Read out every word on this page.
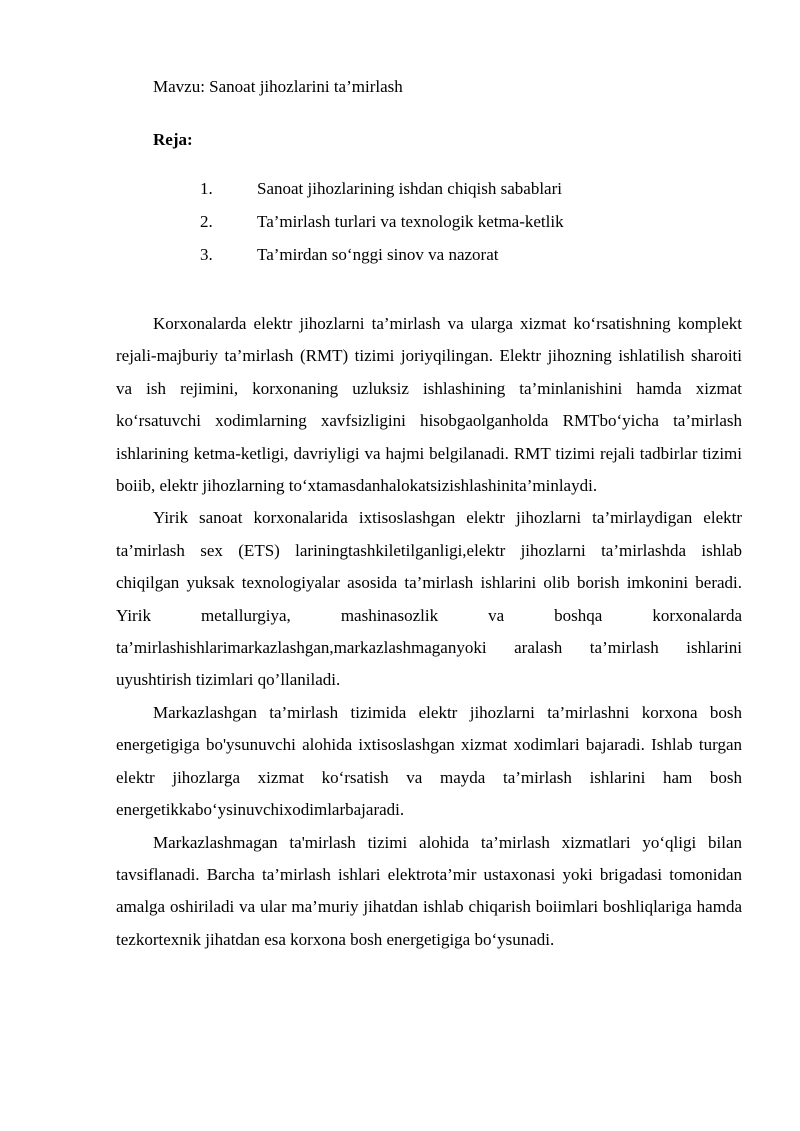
Mavzu: Sanoat jihozlarini ta’mirlash
Reja:
1.	Sanoat jihozlarining ishdan chiqish sabablari
2.	Ta’mirlash turlari va texnologik ketma-ketlik
3.	Ta’mirdan so‘nggi sinov va nazorat

Korxonalarda elektr jihozlarni ta’mirlash va ularga xizmat ko‘rsatishning komplekt rejali-majburiy ta’mirlash (RMT) tizimi joriyqilingan. Elektr jihozning ishlatilish sharoiti va ish rejimini, korxonaning uzluksiz ishlashining ta’minlanishini hamda xizmat ko‘rsatuvchi xodimlarning xavfsizligini hisobgaolganholda RMTbo‘yicha ta’mirlash ishlarining ketma-ketligi, davriyligi va hajmi belgilanadi. RMT tizimi rejali tadbirlar tizimi boiib, elektr jihozlarning to‘xtamasdanhalokatsizishlashinita’minlaydi.

Yirik sanoat korxonalarida ixtisoslashgan elektr jihozlarni ta’mirlaydigan elektr ta’mirlash sex (ETS) lariningtashkiletilganligi,elektr jihozlarni ta’mirlashda ishlab chiqilgan yuksak texnologiyalar asosida ta’mirlash ishlarini olib borish imkonini beradi. Yirik metallurgiya, mashinasozlik va boshqa korxonalarda ta’mirlashishlarimarkazlashgan,markazlashmaganyoki aralash ta’mirlash ishlarini uyushtirish tizimlari qo’llaniladi.

Markazlashgan ta’mirlash tizimida elektr jihozlarni ta’mirlashni korxona bosh energetigiga bo'ysunuvchi alohida ixtisoslashgan xizmat xodimlari bajaradi. Ishlab turgan elektr jihozlarga xizmat ko‘rsatish va mayda ta’mirlash ishlarini ham bosh energetikkabo‘ysinuvchixodimlarbajaradi.

Markazlashmagan ta'mirlash tizimi alohida ta’mirlash xizmatlari yo‘qligi bilan tavsiflanadi. Barcha ta’mirlash ishlari elektrota’mir ustaxonasi yoki brigadasi tomonidan amalga oshiriladi va ular ma’muriy jihatdan ishlab chiqarish boiimlari boshliqlariga hamda tezkortexnik jihatdan esa korxona bosh energetigiga bo‘ysunadi.
